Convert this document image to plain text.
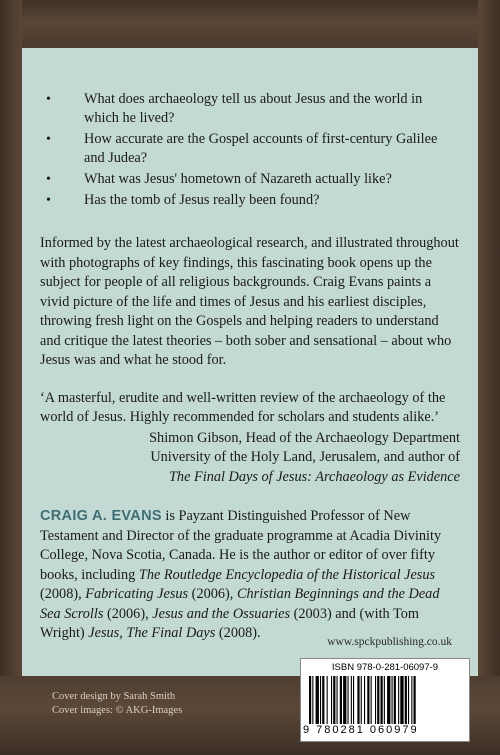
• What does archaeology tell us about Jesus and the world in which he lived?
• How accurate are the Gospel accounts of first-century Galilee and Judea?
• What was Jesus' hometown of Nazareth actually like?
• Has the tomb of Jesus really been found?

Informed by the latest archaeological research, and illustrated throughout with photographs of key findings, this fascinating book opens up the subject for people of all religious backgrounds. Craig Evans paints a vivid picture of the life and times of Jesus and his earliest disciples, throwing fresh light on the Gospels and helping readers to understand and critique the latest theories – both sober and sensational – about who Jesus was and what he stood for.

‘A masterful, erudite and well-written review of the archaeology of the world of Jesus. Highly recommended for scholars and students alike.’

Shimon Gibson, Head of the Archaeology Department
University of the Holy Land, Jerusalem, and author of
The Final Days of Jesus: Archaeology as Evidence

CRAIG A. EVANS is Payzant Distinguished Professor of New Testament and Director of the graduate programme at Acadia Divinity College, Nova Scotia, Canada. He is the author or editor of over fifty books, including The Routledge Encyclopedia of the Historical Jesus (2008), Fabricating Jesus (2006), Christian Beginnings and the Dead Sea Scrolls (2006), Jesus and the Ossuaries (2003) and (with Tom Wright) Jesus, The Final Days (2008).

www.spckpublishing.co.uk
ISBN 978-0-281-06097-9
9 780281 060979
Cover design by Sarah Smith
Cover images: © AKG-Images
